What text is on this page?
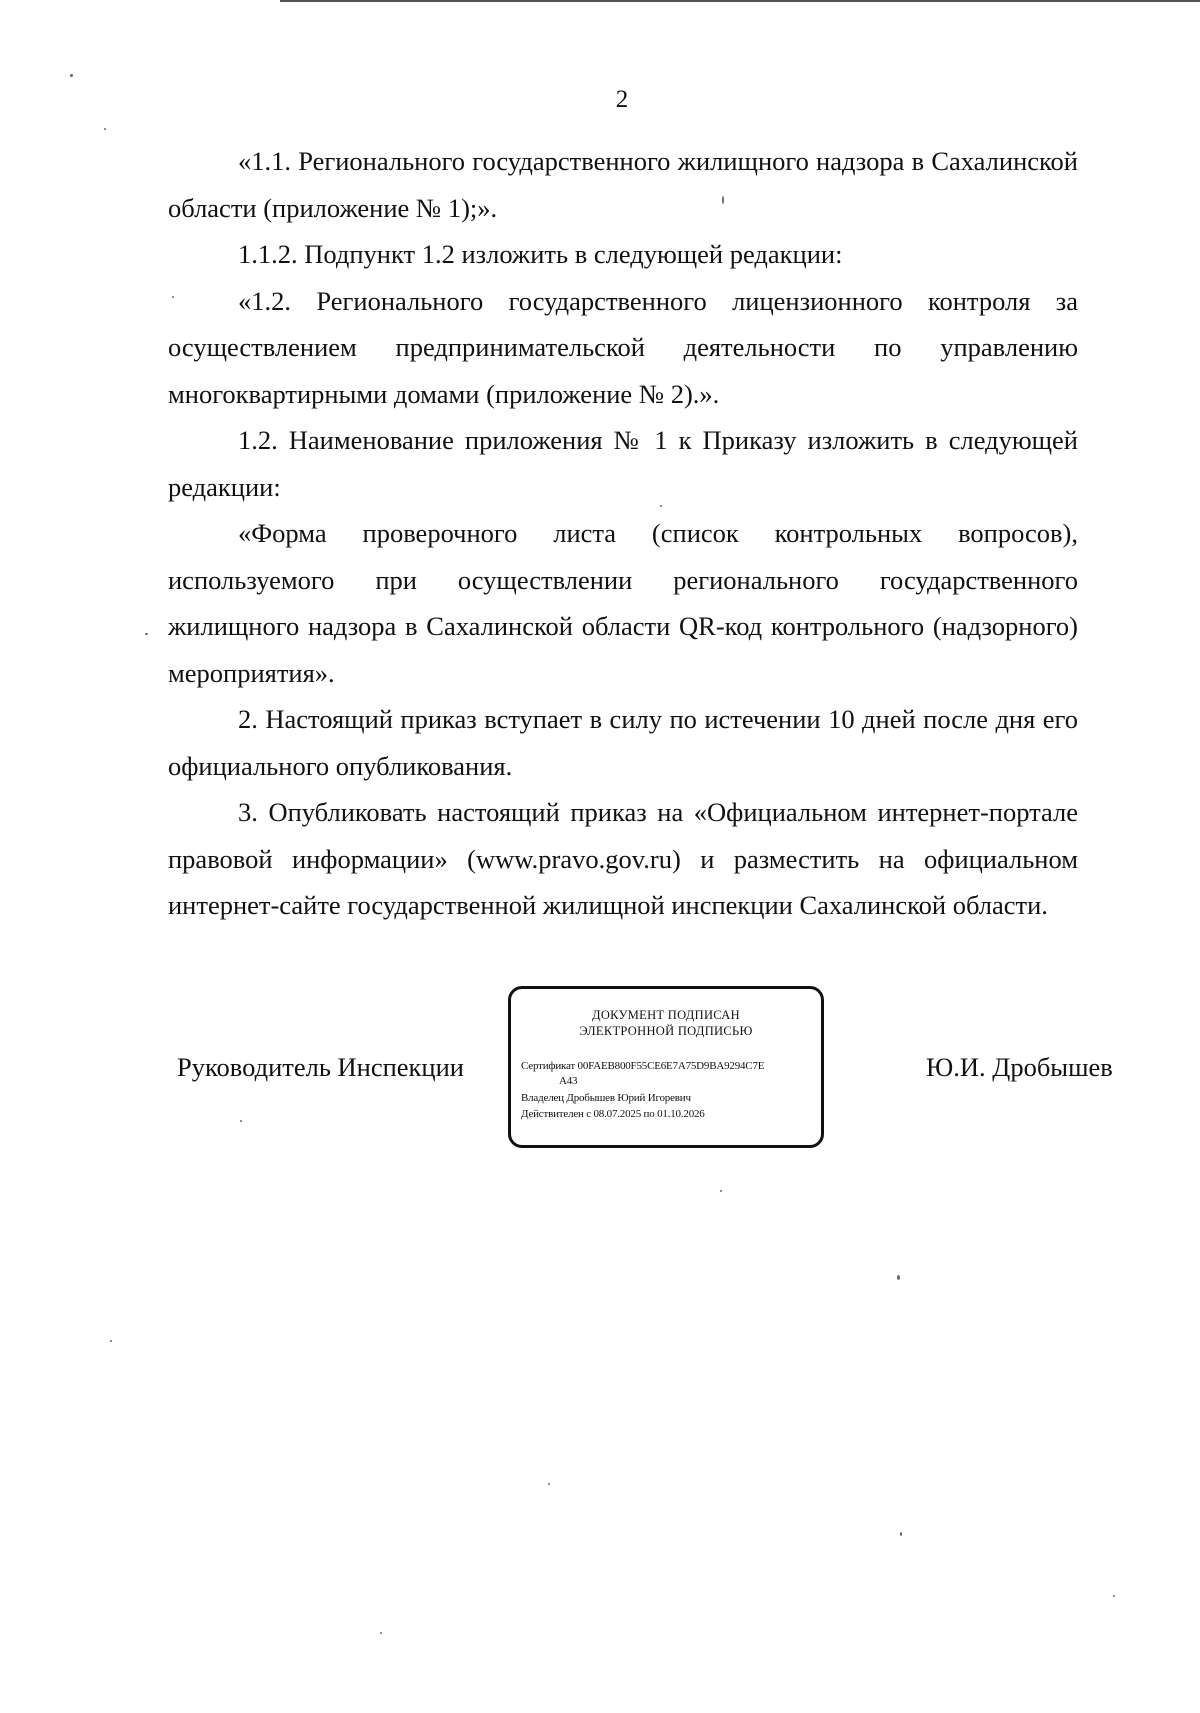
2

«1.1. Регионального государственного жилищного надзора в Сахалинской области (приложение № 1);».

1.1.2. Подпункт 1.2 изложить в следующей редакции:

«1.2. Регионального государственного лицензионного контроля за осуществлением предпринимательской деятельности по управлению многоквартирными домами (приложение № 2).».

1.2. Наименование приложения № 1 к Приказу изложить в следующей редакции:

«Форма проверочного листа (список контрольных вопросов), используемого при осуществлении регионального государственного жилищного надзора в Сахалинской области QR-код контрольного (надзорного) мероприятия».

2. Настоящий приказ вступает в силу по истечении 10 дней после дня его официального опубликования.

3. Опубликовать настоящий приказ на «Официальном интернет-портале правовой информации» (www.pravo.gov.ru) и разместить на официальном интернет-сайте государственной жилищной инспекции Сахалинской области.

Руководитель Инспекции
ДОКУМЕНТ ПОДПИСАН
ЭЛЕКТРОННОЙ ПОДПИСЬЮ
Сертификат 00FAEB800F55CE6E7A75D9BA9294C7E
A43
Владелец Дробышев Юрий Игоревич
Действителен с 08.07.2025 по 01.10.2026
Ю.И. Дробышев
